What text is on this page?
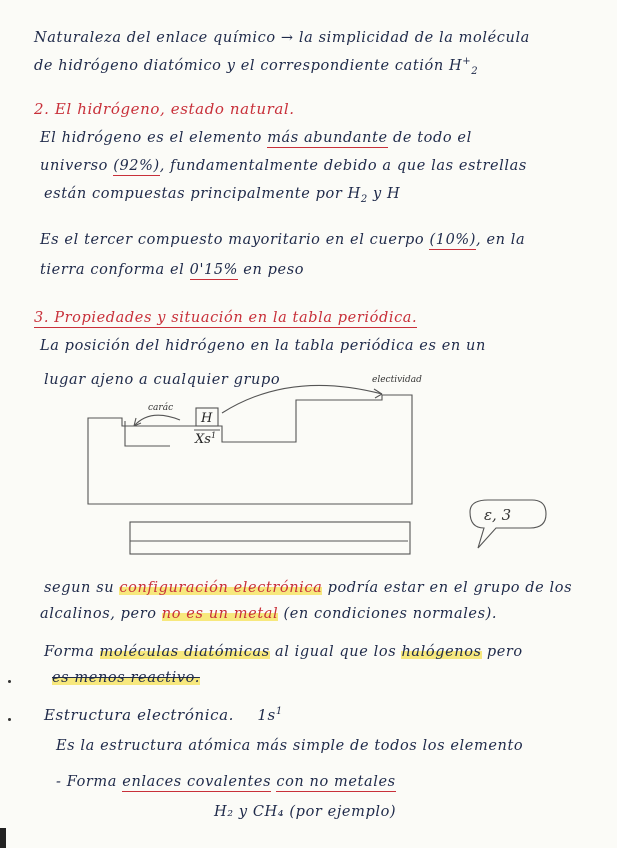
Naturaleza del enlace químico → la simplicidad de la molécula
de hidrógeno diatómico y el correspondiente catión $H^+_2$
2. El hidrógeno, estado natural.
El hidrógeno es el elemento más abundante de todo el
universo (92%), fundamentalmente debido a que las estrellas
están compuestas principalmente por $H_2$ y H
Es el tercer compuesto mayoritario en el cuerpo (10%), en la
tierra conforma el 0'15% en peso
3. Propiedades y situación en la tabla periódica.
La posición del hidrógeno en la tabla periódica es en un
lugar ajeno a cualquier grupo
carác
electividad
H
Xs$^1$
ε, 3
segun su configuración electrónica podría estar en el grupo de los
alcalinos, pero no es un metal (en condiciones normales).
Forma moléculas diatómicas al igual que los halógenos pero
es menos reactivo.
Estructura electrónica. $1s^1$
Es la estructura atómica más simple de todos los elemento
- Forma enlaces covalentes con no metales
H₂ y CH₄ (por ejemplo)
